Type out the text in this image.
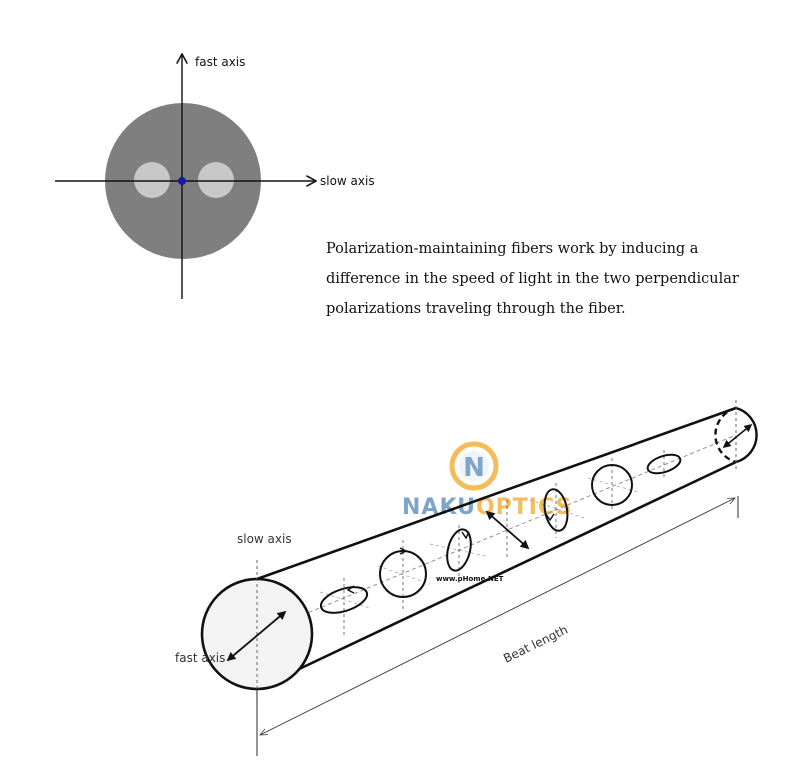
fast axis
slow axis
N
NAKUOPTICS
Beat length
slow axis
fast axis
www.pHome.NET
Polarization-maintaining fibers work by inducing a
difference in the speed of light in the two perpendicular
polarizations traveling through the fiber.
